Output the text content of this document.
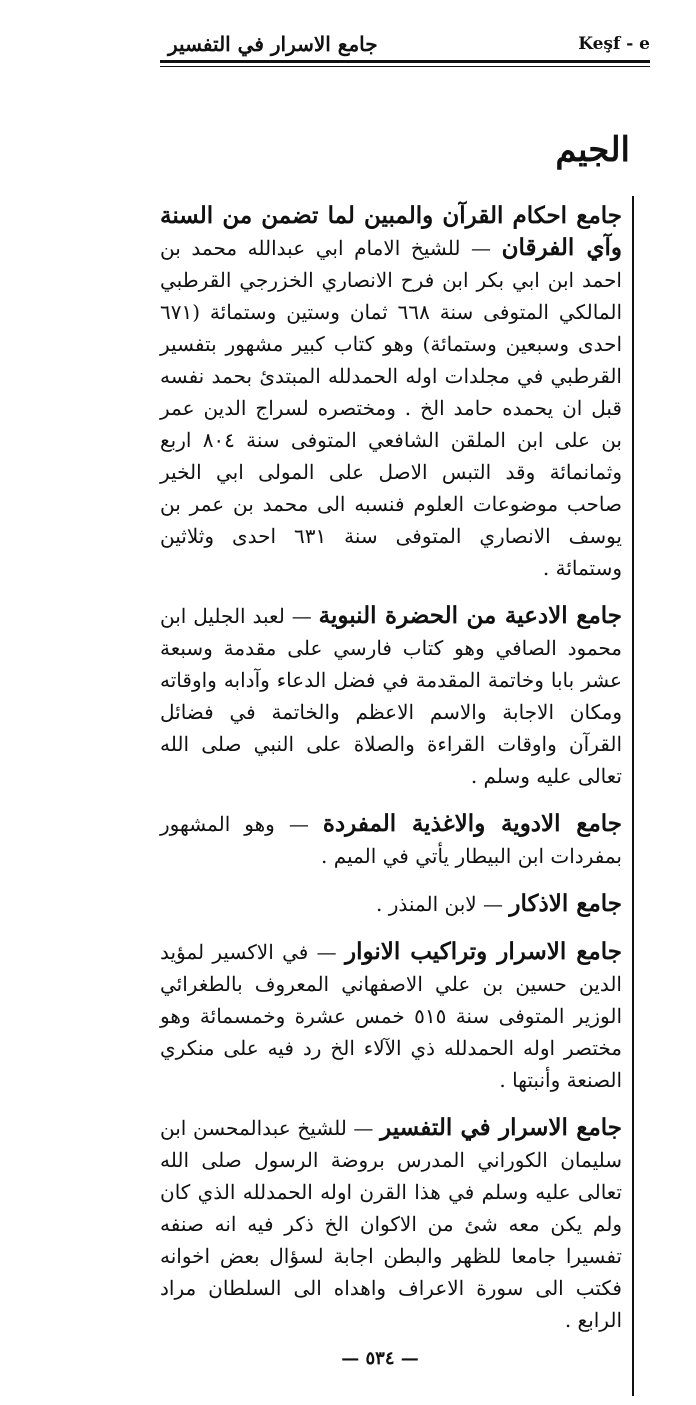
جامع الاسرار في التفسير	Keşf - e
الجيم

جامع احكام القرآن والمبين لما تضمن من السنة وآي الفرقان — للشيخ الامام ابي عبدالله محمد بن احمد ابن ابي بكر ابن فرح الانصاري الخزرجي القرطبي المالكي المتوفى سنة ٦٦٨ ثمان وستين وستمائة (٦٧١ احدى وسبعين وستمائة) وهو كتاب كبير مشهور بتفسير القرطبي في مجلدات اوله الحمدلله المبتدئ بحمد نفسه قبل ان يحمده حامد الخ . ومختصره لسراج الدين عمر بن على ابن الملقن الشافعي المتوفى سنة ٨٠٤ اربع وثمانمائة وقد التبس الاصل على المولى ابي الخير صاحب موضوعات العلوم فنسبه الى محمد بن عمر بن يوسف الانصاري المتوفى سنة ٦٣١ احدى وثلاثين وستمائة .

جامع الادعية من الحضرة النبوية — لعبد الجليل ابن محمود الصافي وهو كتاب فارسي على مقدمة وسبعة عشر بابا وخاتمة المقدمة في فضل الدعاء وآدابه واوقاته ومكان الاجابة والاسم الاعظم والخاتمة في فضائل القرآن واوقات القراءة والصلاة على النبي صلى الله تعالى عليه وسلم .

جامع الادوية والاغذية المفردة — وهو المشهور بمفردات ابن البيطار يأتي في الميم .

جامع الاذكار — لابن المنذر .

جامع الاسرار وتراكيب الانوار — في الاكسير لمؤيد الدين حسين بن علي الاصفهاني المعروف بالطغرائي الوزير المتوفى سنة ٥١٥ خمس عشرة وخمسمائة وهو مختصر اوله الحمدلله ذي الآلاء الخ رد فيه على منكري الصنعة وأنبتها .

جامع الاسرار في التفسير — للشيخ عبدالمحسن ابن سليمان الكوراني المدرس بروضة الرسول صلى الله تعالى عليه وسلم في هذا القرن اوله الحمدلله الذي كان ولم يكن معه شئ من الاكوان الخ ذكر فيه انه صنفه تفسيرا جامعا للظهر والبطن اجابة لسؤال بعض اخوانه فكتب الى سورة الاعراف واهداه الى السلطان مراد الرابع .

— ٥٣٤ —
